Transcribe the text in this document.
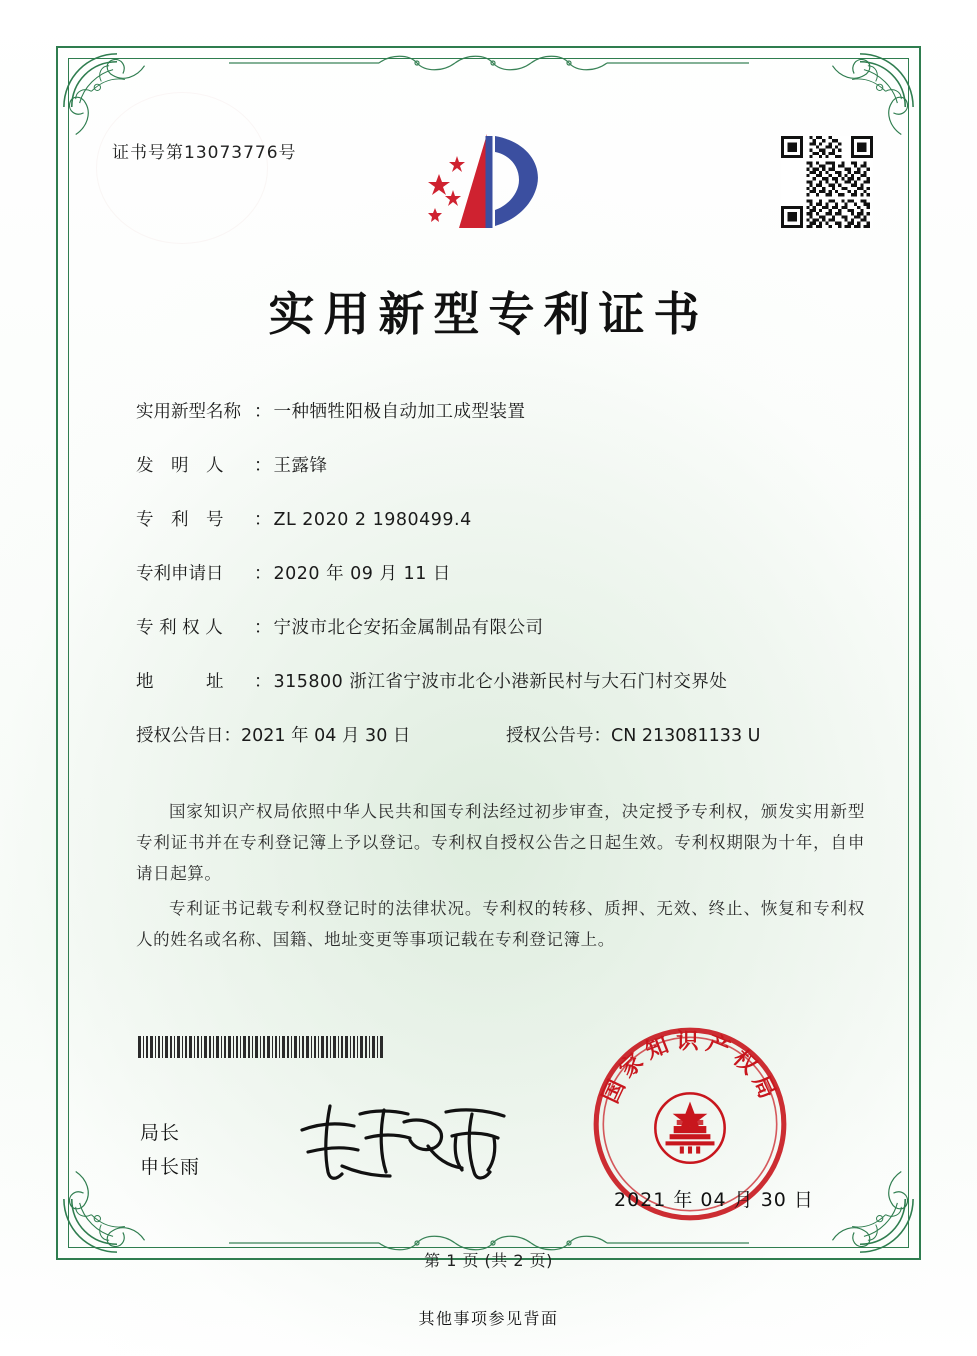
证书号第13073776号
实用新型专利证书
实用新型名称 ： 一种牺牲阳极自动加工成型装置
发　明　人	： 王露锋
专　利　号	： ZL 2020 2 1980499.4
专利申请日	： 2020 年 09 月 11 日
专 利 权 人	： 宁波市北仑安拓金属制品有限公司
地　　　址	： 315800 浙江省宁波市北仑小港新民村与大石门村交界处
授权公告日：2021 年 04 月 30 日	授权公告号：CN 213081133 U

国家知识产权局依照中华人民共和国专利法经过初步审查，决定授予专利权，颁发实用新型专利证书并在专利登记簿上予以登记。专利权自授权公告之日起生效。专利权期限为十年，自申请日起算。

专利证书记载专利权登记时的法律状况。专利权的转移、质押、无效、终止、恢复和专利权人的姓名或名称、国籍、地址变更等事项记载在专利登记簿上。

局长
申长雨
国家知识产权局
2021 年 04 月 30 日
第 1 页 (共 2 页)
其他事项参见背面
